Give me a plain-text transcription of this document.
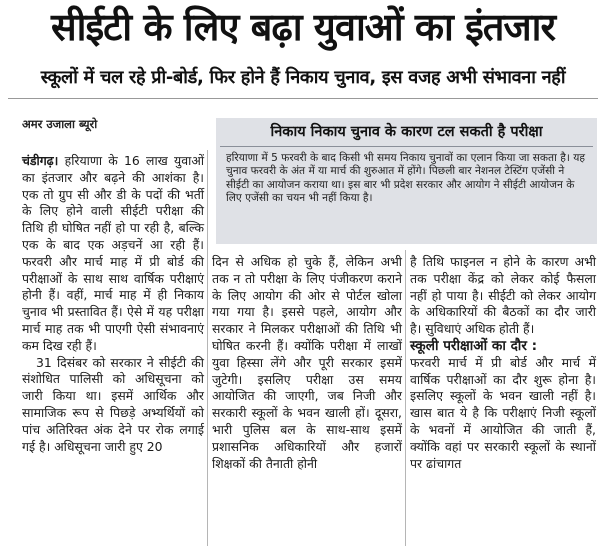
सीईटी के लिए बढ़ा युवाओं का इंतजार
स्कूलों में चल रहे प्री-बोर्ड, फिर होने हैं निकाय चुनाव, इस वजह अभी संभावना नहीं
अमर उजाला ब्यूरो	निकाय निकाय चुनाव के कारण टल सकती है परीक्षा
हरियाणा में 5 फरवरी के बाद किसी भी समय निकाय चुनावों का एलान किया जा सकता है। यह चुनाव फरवरी के अंत में या मार्च की शुरुआत में होंगे। पिछली बार नेशनल टेस्टिंग एजेंसी ने सीईटी का आयोजन कराया था। इस बार भी प्रदेश सरकार और आयोग ने सीईटी आयोजन के लिए एजेंसी का चयन भी नहीं किया है।

चंडीगढ़। हरियाणा के 16 लाख युवाओं का इंतजार और बढ़ने की आशंका है। एक तो ग्रुप सी और डी के पदों की भर्ती के लिए होने वाली सीईटी परीक्षा की तिथि ही घोषित नहीं हो पा रही है, बल्कि एक के बाद एक अड़चनें आ रही हैं। फरवरी और मार्च माह में प्री बोर्ड की परीक्षाओं के साथ साथ वार्षिक परीक्षाएं होनी हैं। वहीं, मार्च माह में ही निकाय चुनाव भी प्रस्तावित हैं। ऐसे में यह परीक्षा मार्च माह तक भी पाएगी ऐसी संभावनाएं कम दिख रही हैं।

31 दिसंबर को सरकार ने सीईटी की संशोधित पालिसी को अधिसूचना को जारी किया था। इसमें आर्थिक और सामाजिक रूप से पिछड़े अभ्यर्थियों को पांच अतिरिक्त अंक देने पर रोक लगाई गई है। अधिसूचना जारी हुए 20

दिन से अधिक हो चुके हैं, लेकिन अभी तक न तो परीक्षा के लिए पंजीकरण कराने के लिए आयोग की ओर से पोर्टल खोला गया गया है। इससे पहले, आयोग और सरकार ने मिलकर परीक्षाओं की तिथि भी घोषित करनी हैं। क्योंकि परीक्षा में लाखों युवा हिस्सा लेंगे और पूरी सरकार इसमें जुटेगी। इसलिए परीक्षा उस समय आयोजित की जाएगी, जब निजी और सरकारी स्कूलों के भवन खाली हों। दूसरा, भारी पुलिस बल के साथ-साथ इसमें प्रशासनिक अधिकारियों और हजारों शिक्षकों की तैनाती होनी

है तिथि फाइनल न होने के कारण अभी तक परीक्षा केंद्र को लेकर कोई फैसला नहीं हो पाया है। सीईटी को लेकर आयोग के अधिकारियों की बैठकों का दौर जारी है। सुविधाएं अधिक होती हैं।

स्कूली परीक्षाओं का दौर :

फरवरी मार्च में प्री बोर्ड और मार्च में वार्षिक परीक्षाओं का दौर शुरू होना है। इसलिए स्कूलों के भवन खाली नहीं है। खास बात ये है कि परीक्षाएं निजी स्कूलों के भवनों में आयोजित की जाती हैं, क्योंकि वहां पर सरकारी स्कूलों के स्थानों पर ढांचागत
